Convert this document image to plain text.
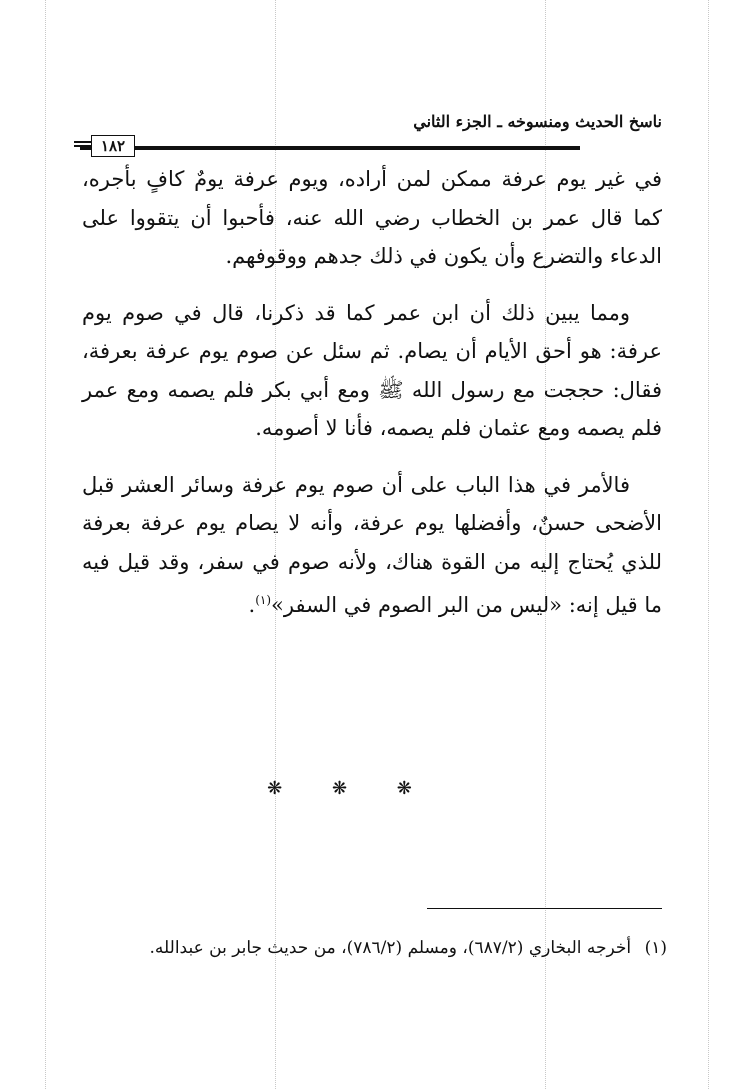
ناسخ الحديث ومنسوخه ـ الجزء الثاني
١٨٢

في غير يوم عرفة ممكن لمن أراده، ويوم عرفة يومٌ كافٍ بأجره، كما قال عمر بن الخطاب رضي الله عنه، فأحبوا أن يتقووا على الدعاء والتضرع وأن يكون في ذلك جدهم ووقوفهم.

ومما يبين ذلك أن ابن عمر كما قد ذكرنا، قال في صوم يوم عرفة: هو أحق الأيام أن يصام. ثم سئل عن صوم يوم عرفة بعرفة، فقال: حججت مع رسول الله ﷺ ومع أبي بكر فلم يصمه ومع عمر فلم يصمه ومع عثمان فلم يصمه، فأنا لا أصومه.

فالأمر في هذا الباب على أن صوم يوم عرفة وسائر العشر قبل الأضحى حسنٌ، وأفضلها يوم عرفة، وأنه لا يصام يوم عرفة بعرفة للذي يُحتاج إليه من القوة هناك، ولأنه صوم في سفر، وقد قيل فيه ما قيل إنه: «ليس من البر الصوم في السفر»$^{(١)}$.

❋ ❋ ❋
(١) أخرجه البخاري (٦٨٧/٢)، ومسلم (٧٨٦/٢)، من حديث جابر بن عبدالله.
